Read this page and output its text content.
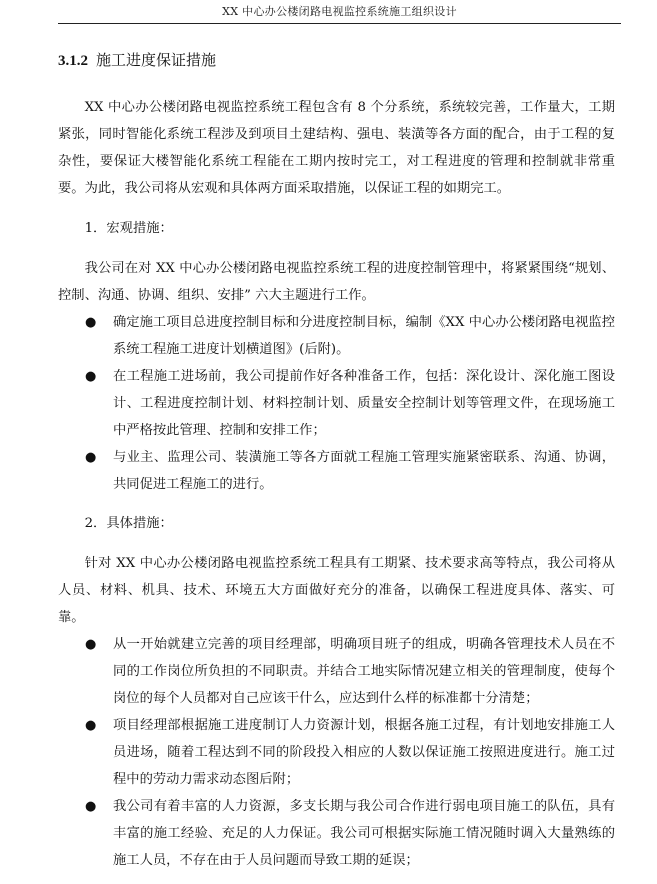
XX 中心办公楼闭路电视监控系统施工组织设计
3.1.2 施工进度保证措施

XX 中心办公楼闭路电视监控系统工程包含有 8 个分系统，系统较完善，工作量大，工期紧张，同时智能化系统工程涉及到项目土建结构、强电、装潢等各方面的配合，由于工程的复杂性，要保证大楼智能化系统工程能在工期内按时完工，对工程进度的管理和控制就非常重要。为此，我公司将从宏观和具体两方面采取措施，以保证工程的如期完工。

1．宏观措施：

我公司在对 XX 中心办公楼闭路电视监控系统工程的进度控制管理中，将紧紧围绕“规划、控制、沟通、协调、组织、安排” 六大主题进行工作。

● 确定施工项目总进度控制目标和分进度控制目标，编制《XX 中心办公楼闭路电视监控系统工程施工进度计划横道图》(后附)。
● 在工程施工进场前，我公司提前作好各种准备工作，包括：深化设计、深化施工图设计、工程进度控制计划、材料控制计划、质量安全控制计划等管理文件，在现场施工中严格按此管理、控制和安排工作；
● 与业主、监理公司、装潢施工等各方面就工程施工管理实施紧密联系、沟通、协调，共同促进工程施工的进行。

2．具体措施：

针对 XX 中心办公楼闭路电视监控系统工程具有工期紧、技术要求高等特点，我公司将从人员、材料、机具、技术、环境五大方面做好充分的准备，以确保工程进度具体、落实、可靠。

● 从一开始就建立完善的项目经理部，明确项目班子的组成，明确各管理技术人员在不同的工作岗位所负担的不同职责。并结合工地实际情况建立相关的管理制度，使每个岗位的每个人员都对自己应该干什么，应达到什么样的标准都十分清楚；
● 项目经理部根据施工进度制订人力资源计划，根据各施工过程，有计划地安排施工人员进场，随着工程达到不同的阶段投入相应的人数以保证施工按照进度进行。施工过程中的劳动力需求动态图后附；
● 我公司有着丰富的人力资源，多支长期与我公司合作进行弱电项目施工的队伍，具有丰富的施工经验、充足的人力保证。我公司可根据实际施工情况随时调入大量熟练的施工人员，不存在由于人员问题而导致工期的延误；
